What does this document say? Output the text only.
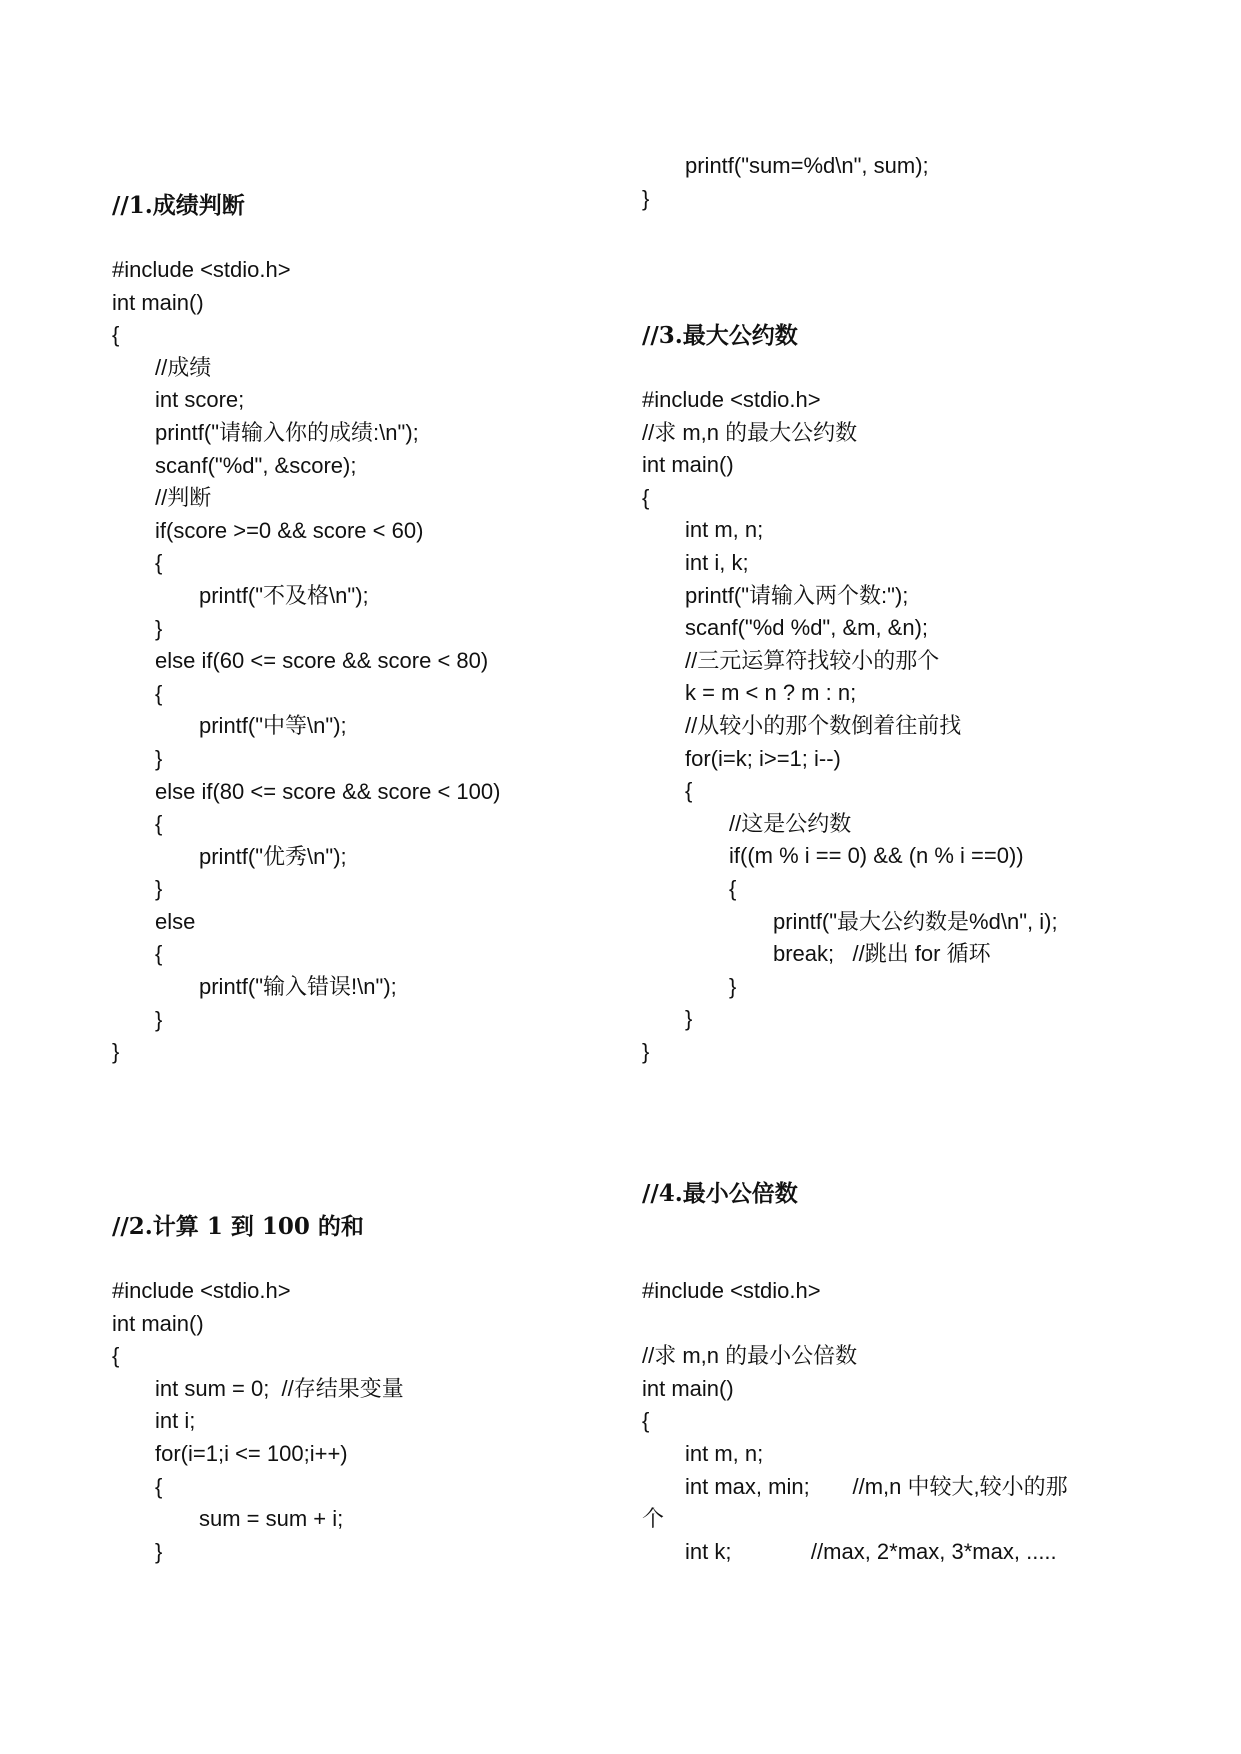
//1.成绩判断
#include <stdio.h>
int main()
{
//成绩
int score;
printf("请输入你的成绩:\n");
scanf("%d", &score);
//判断
if(score >=0 && score < 60)
{
printf("不及格\n");
}
else if(60 <= score && score < 80)
{
printf("中等\n");
}
else if(80 <= score && score < 100)
{
printf("优秀\n");
}
else
{
printf("输入错误!\n");
}
}
//2.计算 1 到 100 的和
#include <stdio.h>
int main()
{
int sum = 0;  //存结果变量
int i;
for(i=1;i <= 100;i++)
{
sum = sum + i;
}
printf("sum=%d\n", sum);
}
//3.最大公约数
#include <stdio.h>
//求 m,n 的最大公约数
int main()
{
int m, n;
int i, k;
printf("请输入两个数:");
scanf("%d %d", &m, &n);
//三元运算符找较小的那个
k = m < n ? m : n;
//从较小的那个数倒着往前找
for(i=k; i>=1; i--)
{
//这是公约数
if((m % i == 0) && (n % i ==0))
{
printf("最大公约数是%d\n", i);
break;   //跳出 for 循环
}
}
}
//4.最小公倍数
#include <stdio.h>
//求 m,n 的最小公倍数
int main()
{
int m, n;
int max, min;       //m,n 中较大,较小的那
个
int k;             //max, 2*max, 3*max, .....
